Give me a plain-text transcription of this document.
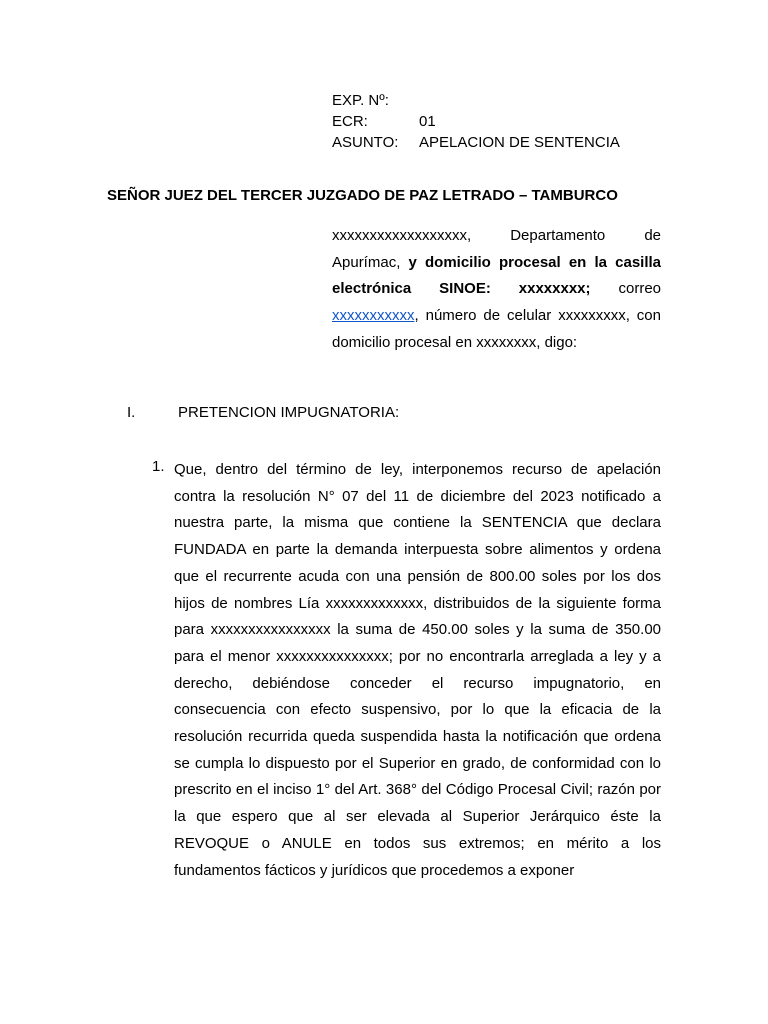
EXP. Nº:
ECR:	01
ASUNTO: APELACION DE SENTENCIA
SEÑOR JUEZ DEL TERCER JUZGADO DE PAZ LETRADO – TAMBURCO
xxxxxxxxxxxxxxxxxx,	Departamento	de
Apurímac, y domicilio procesal en la casilla
electrónica SINOE: xxxxxxxx; correo
xxxxxxxxxxx, número de celular xxxxxxxxx, con
domicilio procesal en xxxxxxxx, digo:
I.	PRETENCION IMPUGNATORIA:
1. Que, dentro del término de ley, interponemos recurso de apelación
contra la resolución N° 07 del 11 de diciembre del 2023 notificado a
nuestra parte, la misma que contiene la SENTENCIA que declara
FUNDADA en parte la demanda interpuesta sobre alimentos y ordena
que el recurrente acuda con una pensión de 800.00 soles por los dos
hijos de nombres Lía xxxxxxxxxxxxx, distribuidos de la siguiente forma
para xxxxxxxxxxxxxxxx la suma de 450.00 soles y la suma de 350.00
para el menor xxxxxxxxxxxxxxx; por no encontrarla arreglada a ley y a
derecho, debiéndose conceder el recurso impugnatorio, en
consecuencia con efecto suspensivo, por lo que la eficacia de la
resolución recurrida queda suspendida hasta la notificación que ordena
se cumpla lo dispuesto por el Superior en grado, de conformidad con lo
prescrito en el inciso 1° del Art. 368° del Código Procesal Civil; razón por
la que espero que al ser elevada al Superior Jerárquico éste la
REVOQUE o ANULE en todos sus extremos; en mérito a los
fundamentos fácticos y jurídicos que procedemos a exponer
